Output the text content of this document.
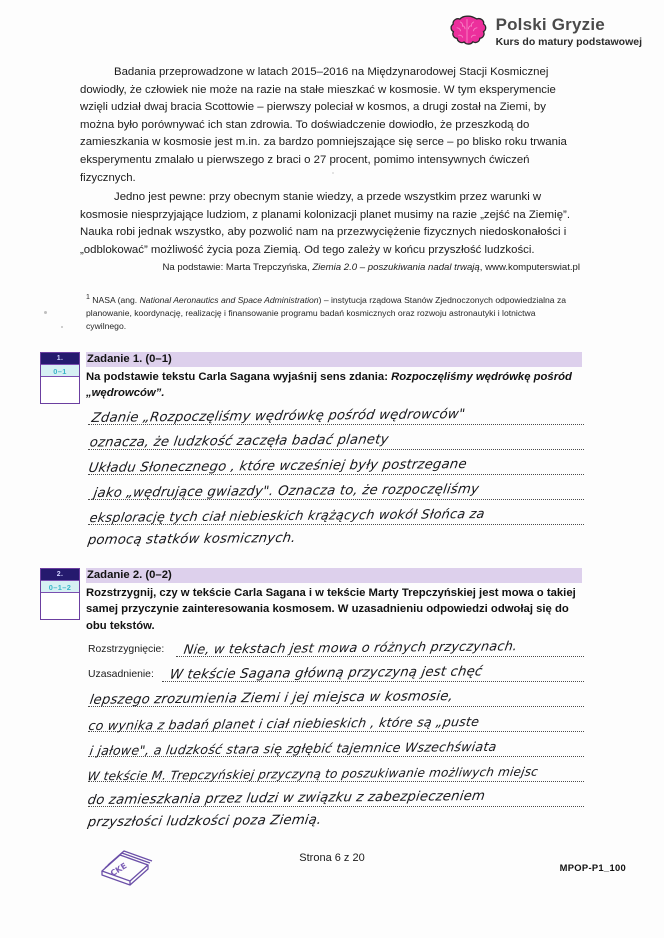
Polski Gryzie
Kurs do matury podstawowej

Badania przeprowadzone w latach 2015–2016 na Międzynarodowej Stacji Kosmicznej dowiodły, że człowiek nie może na razie na stałe mieszkać w kosmosie. W tym eksperymencie wzięli udział dwaj bracia Scottowie – pierwszy poleciał w kosmos, a drugi został na Ziemi, by można było porównywać ich stan zdrowia. To doświadczenie dowiodło, że przeszkodą do zamieszkania w kosmosie jest m.in. za bardzo pomniejszające się serce – po blisko roku trwania eksperymentu zmalało u pierwszego z braci o 27 procent, pomimo intensywnych ćwiczeń fizycznych.

Jedno jest pewne: przy obecnym stanie wiedzy, a przede wszystkim przez warunki w kosmosie niesprzyjające ludziom, z planami kolonizacji planet musimy na razie „zejść na Ziemię”. Nauka robi jednak wszystko, aby pozwolić nam na przezwyciężenie fizycznych niedoskonałości i „odblokować” możliwość życia poza Ziemią. Od tego zależy w końcu przyszłość ludzkości.

Na podstawie: Marta Trepczyńska, Ziemia 2.0 – poszukiwania nadal trwają, www.komputerswiat.pl
$^1$ NASA (ang. National Aeronautics and Space Administration) – instytucja rządowa Stanów Zjednoczonych odpowiedzialna za planowanie, koordynację, realizację i finansowanie programu badań kosmicznych oraz rozwoju astronautyki i lotnictwa cywilnego.
1.
0–1
Zadanie 1. (0–1)
Na podstawie tekstu Carla Sagana wyjaśnij sens zdania: Rozpoczęliśmy wędrówkę pośród „wędrowców”.
Zdanie „Rozpoczęliśmy wędrówkę pośród wędrowców"
oznacza, że ludzkość zaczęła badać planety
Układu Słonecznego , które wcześniej były postrzegane
jako „wędrujące gwiazdy". Oznacza to, że rozpoczęliśmy
eksplorację tych ciał niebieskich krążących wokół Słońca za
pomocą statków kosmicznych.
2.
0–1–2
Zadanie 2. (0–2)
Rozstrzygnij, czy w tekście Carla Sagana i w tekście Marty Trepczyńskiej jest mowa o takiej samej przyczynie zainteresowania kosmosem. W uzasadnieniu odpowiedzi odwołaj się do obu tekstów.
Rozstrzygnięcie: Nie, w tekstach jest mowa o różnych przyczynach.
Uzasadnienie: W tekście Sagana główną przyczyną jest chęć
lepszego zrozumienia Ziemi i jej miejsca w kosmosie,
co wynika z badań planet i ciał niebieskich , które są „puste
i jałowe", a ludzkość stara się zgłębić tajemnice Wszechświata
W tekście M. Trepczyńskiej przyczyną to poszukiwanie możliwych miejsc
do zamieszkania przez ludzi w związku z zabezpieczeniem
przyszłości ludzkości poza Ziemią.
CKE
Strona 6 z 20
MPOP-P1_100
